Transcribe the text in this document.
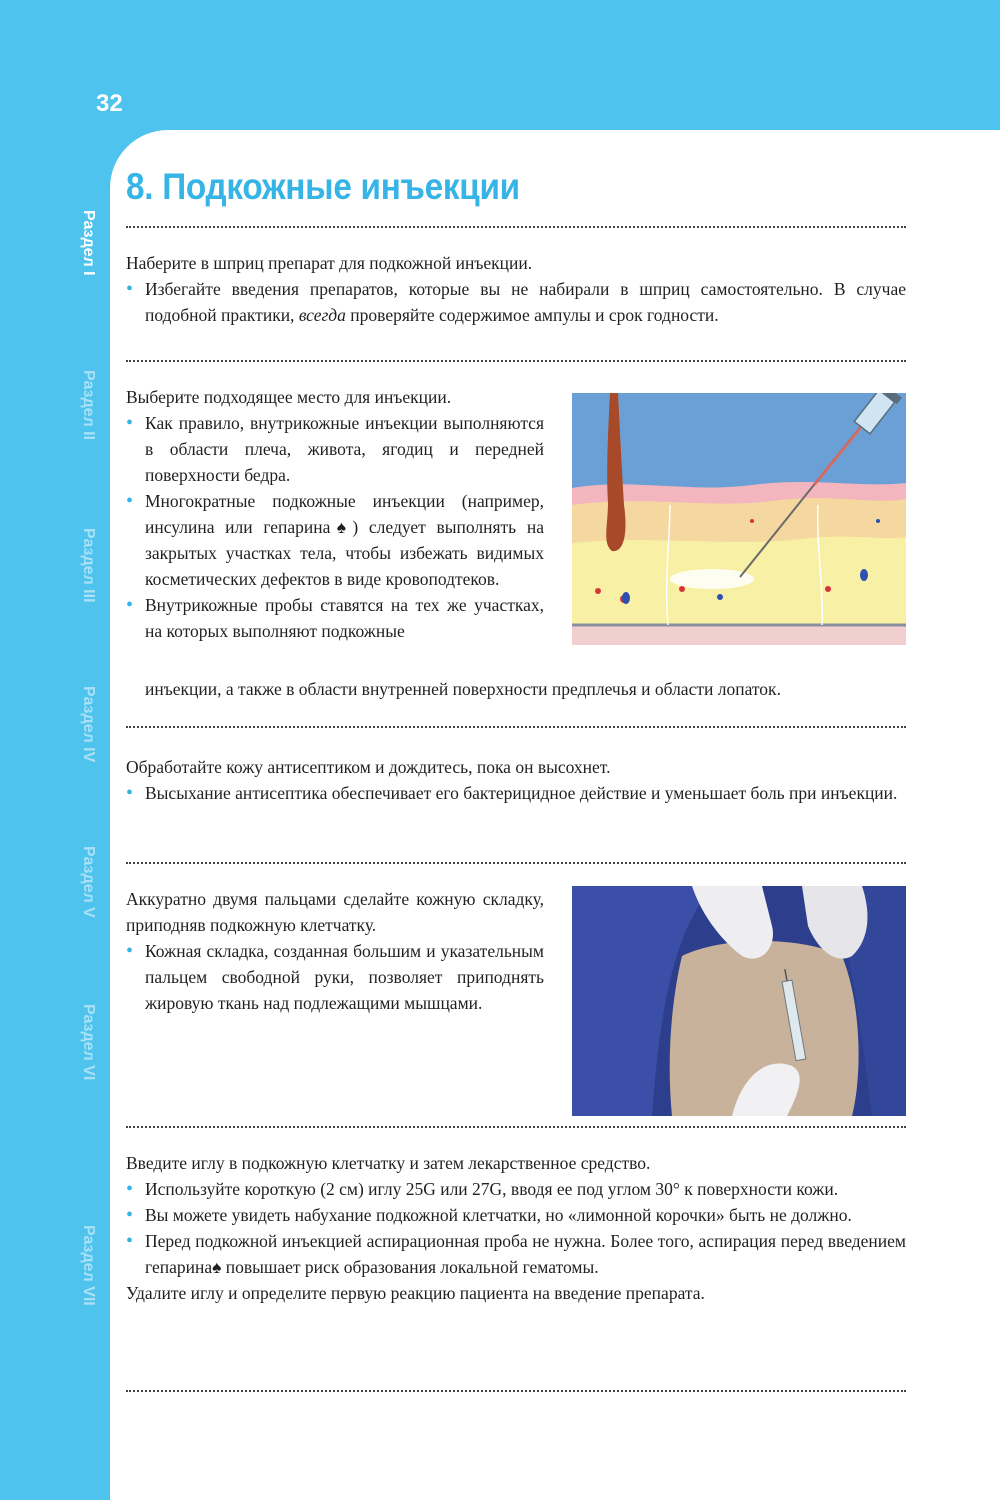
32
Раздел I
Раздел II
Раздел III
Раздел IV
Раздел V
Раздел VI
Раздел VII
8. Подкожные инъекции

Наберите в шприц препарат для подкожной инъекции.

• Избегайте введения препаратов, которые вы не набирали в шприц самостоятельно. В случае подобной практики, всегда проверяйте содержимое ампулы и срок годности.

Выберите подходящее место для инъекции.

• Как правило, внутрикожные инъекции выполняются в области плеча, живота, ягодиц и передней поверхности бедра.
• Многократные подкожные инъекции (например, инсулина или гепарина♠) следует выполнять на закрытых участках тела, чтобы избежать видимых косметических дефектов в виде кровоподтеков.
• Внутрикожные пробы ставятся на тех же участках, на которых выполняют подкожные
инъекции, а также в области внутренней поверхности предплечья и области лопаток.

Обработайте кожу антисептиком и дождитесь, пока он высохнет.

• Высыхание антисептика обеспечивает его бактерицидное действие и уменьшает боль при инъекции.

Аккуратно двумя пальцами сделайте кожную складку, приподняв подкожную клетчатку.

• Кожная складка, созданная большим и указательным пальцем свободной руки, позволяет приподнять жировую ткань над подлежащими мышцами.

Введите иглу в подкожную клетчатку и затем лекарственное средство.

• Используйте короткую (2 см) иглу 25G или 27G, вводя ее под углом 30° к поверхности кожи.
• Вы можете увидеть набухание подкожной клетчатки, но «лимонной корочки» быть не должно.
• Перед подкожной инъекцией аспирационная проба не нужна. Более того, аспирация перед введением гепарина♠ повышает риск образования локальной гематомы.

Удалите иглу и определите первую реакцию пациента на введение препарата.
